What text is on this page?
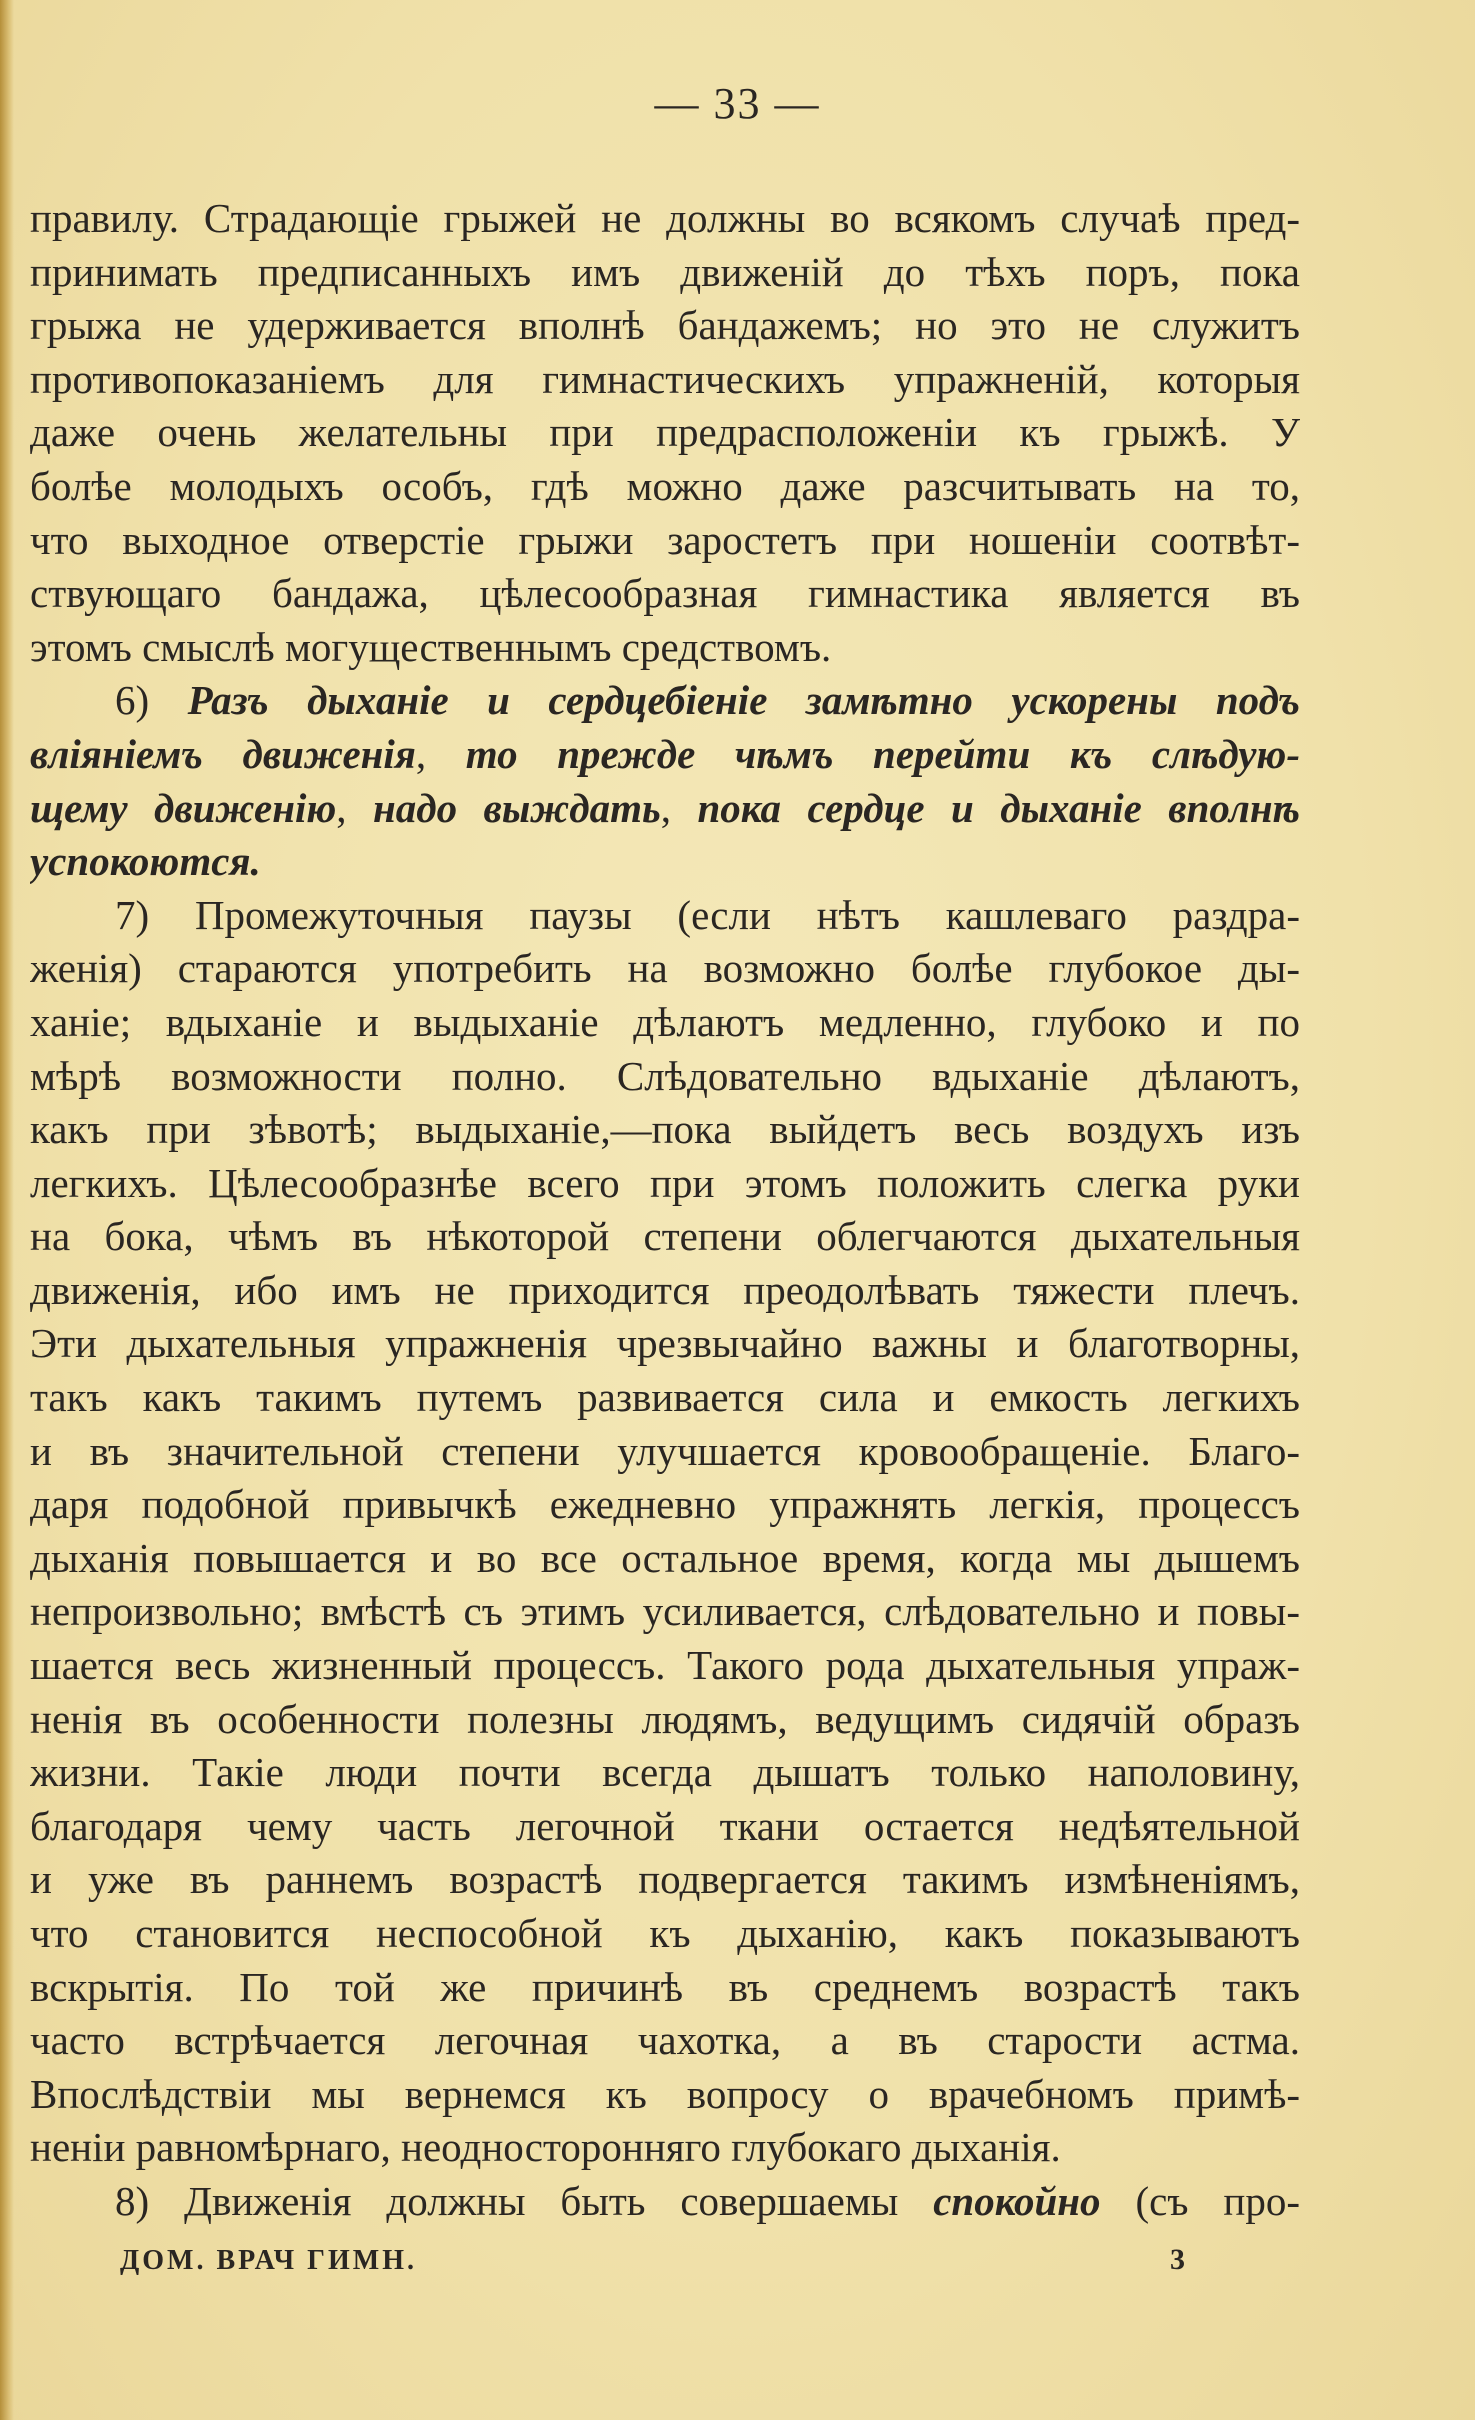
— 33 —
правилу. Страдающіе грыжей не должны во всякомъ случаѣ пред-
принимать предписанныхъ имъ движеній до тѣхъ поръ, пока
грыжа не удерживается вполнѣ бандажемъ; но это не служитъ
противопоказаніемъ для гимнастическихъ упражненій, которыя
даже очень желательны при предрасположеніи къ грыжѣ. У
болѣе молодыхъ особъ, гдѣ можно даже разсчитывать на то,
что выходное отверстіе грыжи заростетъ при ношеніи соотвѣт-
ствующаго бандажа, цѣлесообразная гимнастика является въ
этомъ смыслѣ могущественнымъ средствомъ.
6) Разъ дыханіе и сердцебіеніе замѣтно ускорены подъ
вліяніемъ движенія, то прежде чѣмъ перейти къ слѣдую-
щему движенію, надо выждать, пока сердце и дыханіе вполнѣ
успокоются.
7) Промежуточныя паузы (если нѣтъ кашлеваго раздра-
женія) стараются употребить на возможно болѣе глубокое ды-
ханіе; вдыханіе и выдыханіе дѣлаютъ медленно, глубоко и по
мѣрѣ возможности полно. Слѣдовательно вдыханіе дѣлаютъ,
какъ при зѣвотѣ; выдыханіе,—пока выйдетъ весь воздухъ изъ
легкихъ. Цѣлесообразнѣе всего при этомъ положить слегка руки
на бока, чѣмъ въ нѣкоторой степени облегчаются дыхательныя
движенія, ибо имъ не приходится преодолѣвать тяжести плечъ.
Эти дыхательныя упражненія чрезвычайно важны и благотворны,
такъ какъ такимъ путемъ развивается сила и емкость легкихъ
и въ значительной степени улучшается кровообращеніе. Благо-
даря подобной привычкѣ ежедневно упражнять легкія, процессъ
дыханія повышается и во все остальное время, когда мы дышемъ
непроизвольно; вмѣстѣ съ этимъ усиливается, слѣдовательно и повы-
шается весь жизненный процессъ. Такого рода дыхательныя упраж-
ненія въ особенности полезны людямъ, ведущимъ сидячій образъ
жизни. Такіе люди почти всегда дышатъ только наполовину,
благодаря чему часть легочной ткани остается недѣятельной
и уже въ раннемъ возрастѣ подвергается такимъ измѣненіямъ,
что становится неспособной къ дыханію, какъ показываютъ
вскрытія. По той же причинѣ въ среднемъ возрастѣ такъ
часто встрѣчается легочная чахотка, а въ старости астма.
Впослѣдствіи мы вернемся къ вопросу о врачебномъ примѣ-
неніи равномѣрнаго, неодносторонняго глубокаго дыханія.
8) Движенія должны быть совершаемы спокойно (съ про-
ДОМ. ВРАЧ ГИМН.	3
